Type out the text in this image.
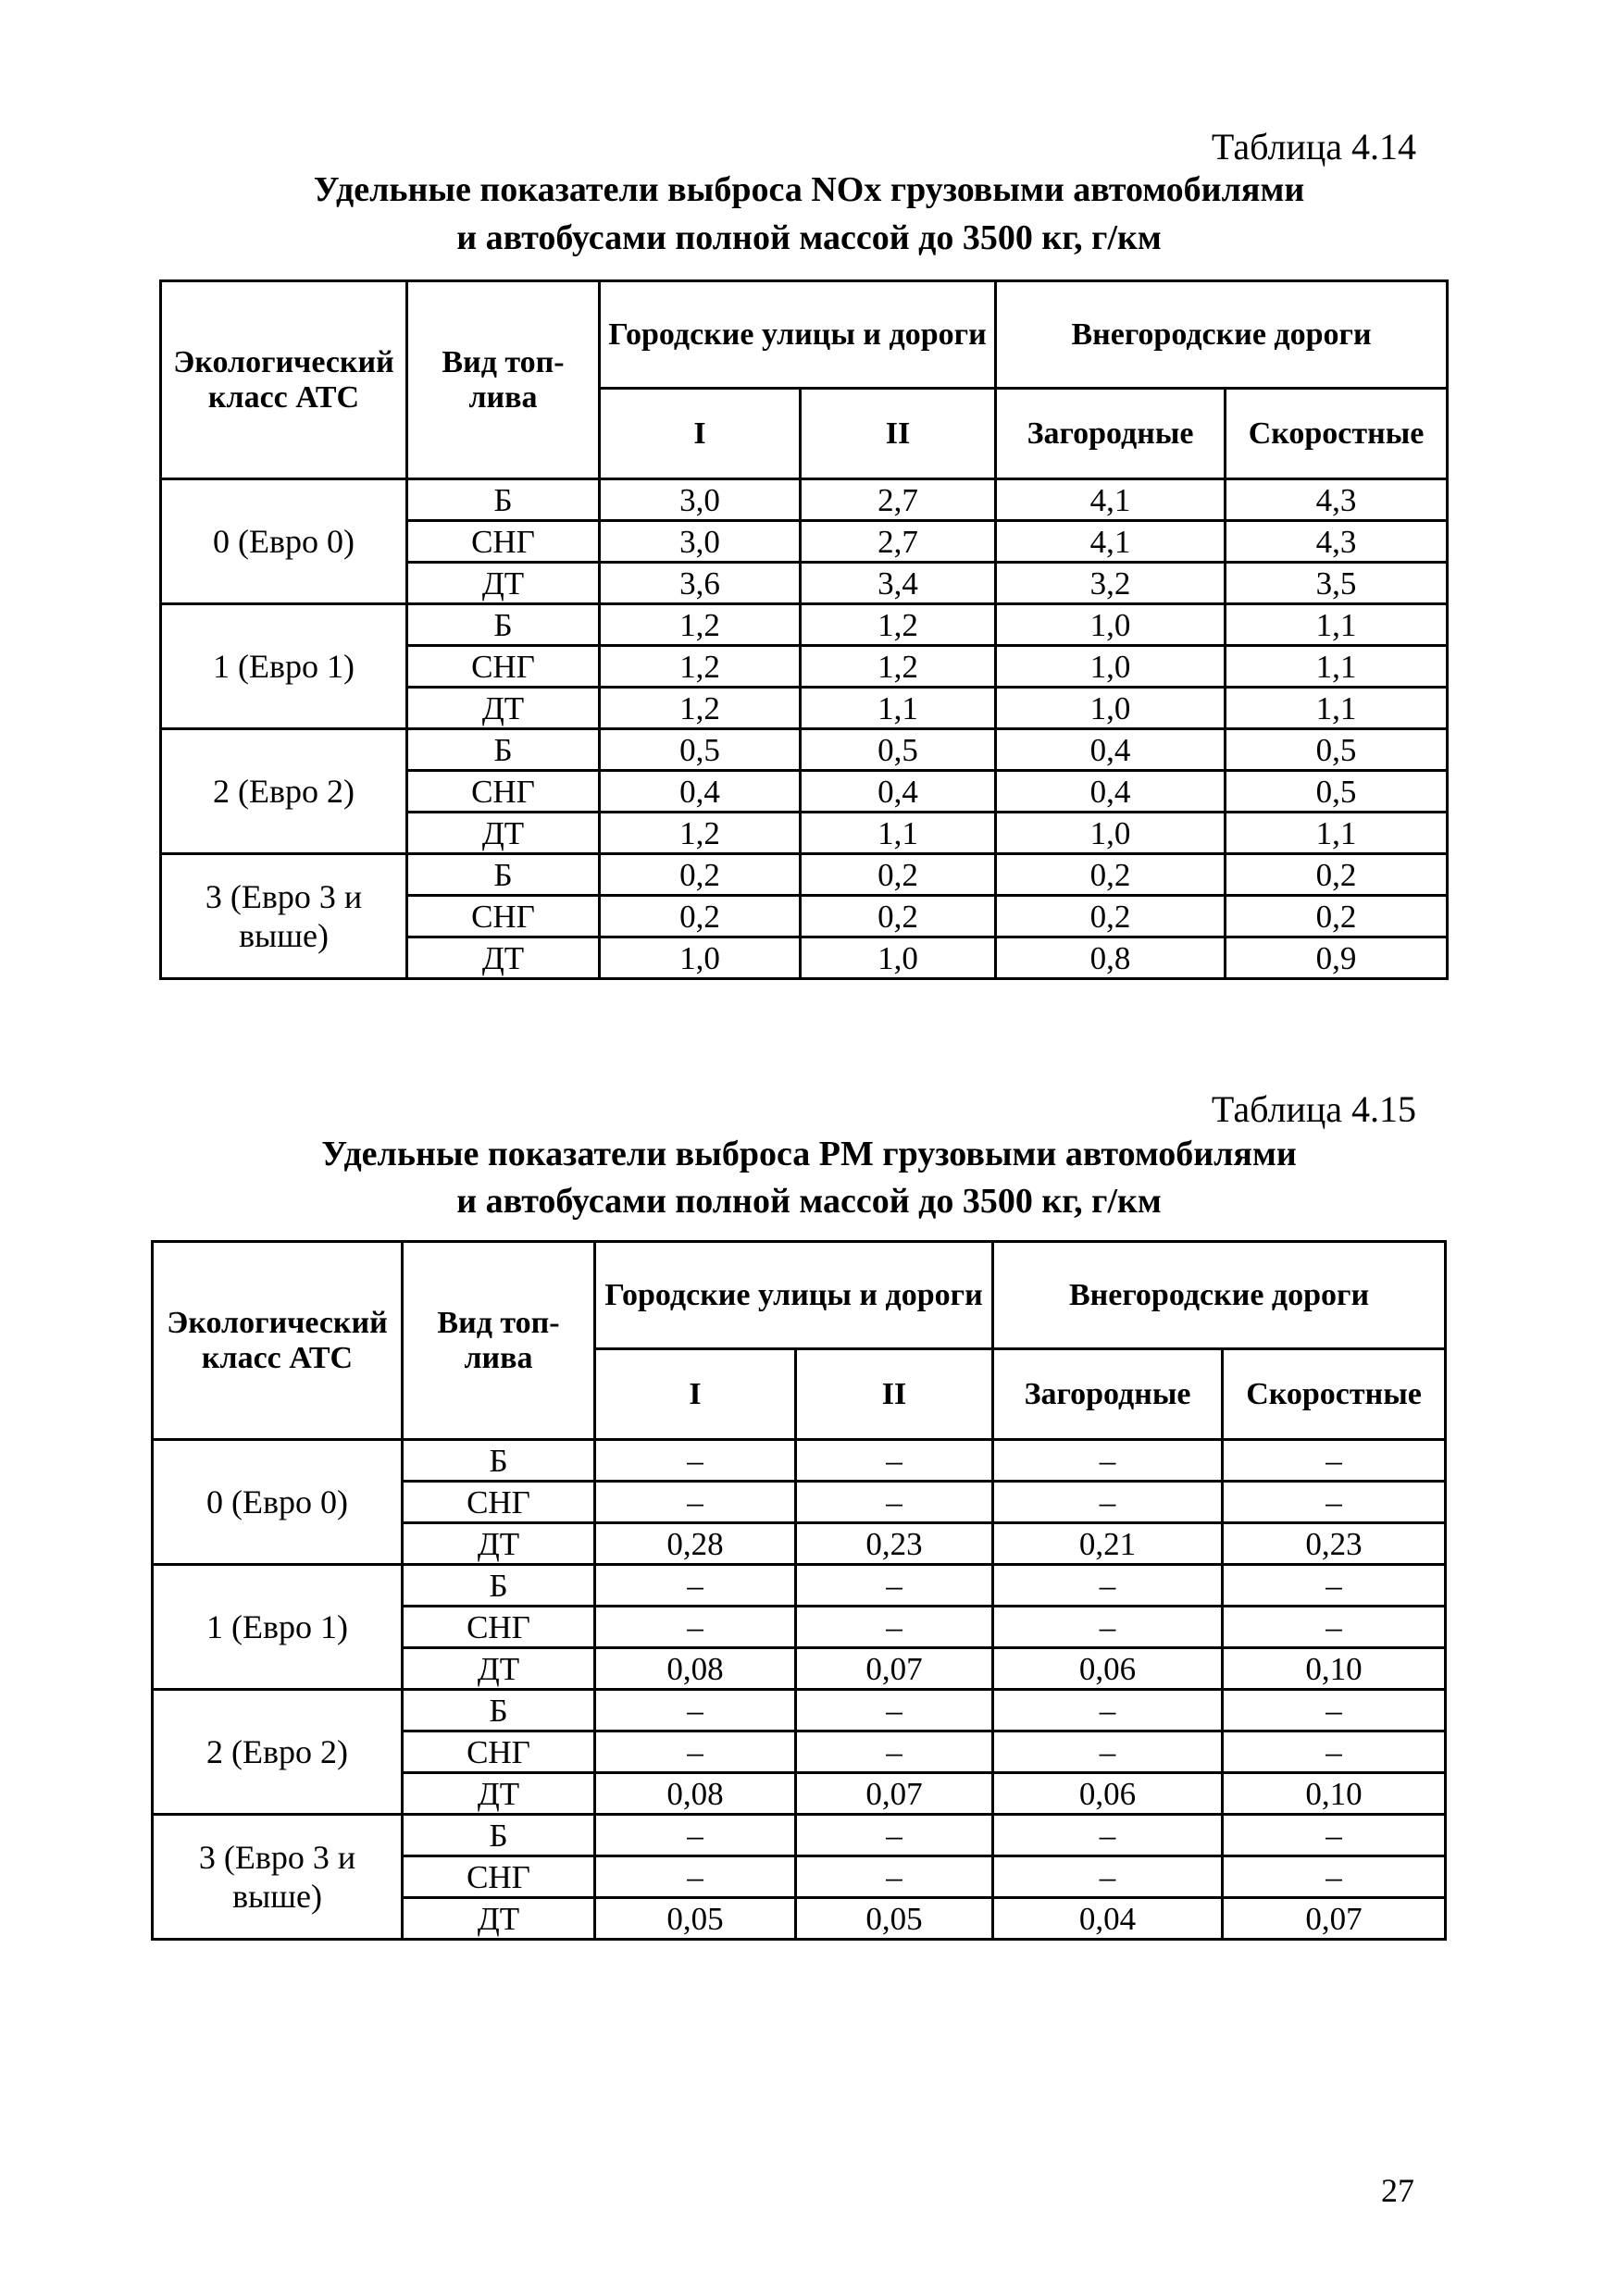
Таблица 4.14
Удельные показатели выброса NOx грузовыми автомобилями
и автобусами полной массой до 3500 кг, г/км
Экологический класс АТС	Вид топ-лива	Городские улицы и дороги		Внегородские дороги	
		I	II	Загородные	Скоростные
0 (Евро 0)	Б	3,0	2,7	4,1	4,3
	СНГ	3,0	2,7	4,1	4,3
	ДТ	3,6	3,4	3,2	3,5
1 (Евро 1)	Б	1,2	1,2	1,0	1,1
	СНГ	1,2	1,2	1,0	1,1
	ДТ	1,2	1,1	1,0	1,1
2 (Евро 2)	Б	0,5	0,5	0,4	0,5
	СНГ	0,4	0,4	0,4	0,5
	ДТ	1,2	1,1	1,0	1,1
3 (Евро 3 и выше)	Б	0,2	0,2	0,2	0,2
	СНГ	0,2	0,2	0,2	0,2
	ДТ	1,0	1,0	0,8	0,9
Таблица 4.15
Удельные показатели выброса PM грузовыми автомобилями
и автобусами полной массой до 3500 кг, г/км
Экологический класс АТС	Вид топ-лива	Городские улицы и дороги		Внегородские дороги	
		I	II	Загородные	Скоростные
0 (Евро 0)	Б	–	–	–	–
	СНГ	–	–	–	–
	ДТ	0,28	0,23	0,21	0,23
1 (Евро 1)	Б	–	–	–	–
	СНГ	–	–	–	–
	ДТ	0,08	0,07	0,06	0,10
2 (Евро 2)	Б	–	–	–	–
	СНГ	–	–	–	–
	ДТ	0,08	0,07	0,06	0,10
3 (Евро 3 и выше)	Б	–	–	–	–
	СНГ	–	–	–	–
	ДТ	0,05	0,05	0,04	0,07
27
